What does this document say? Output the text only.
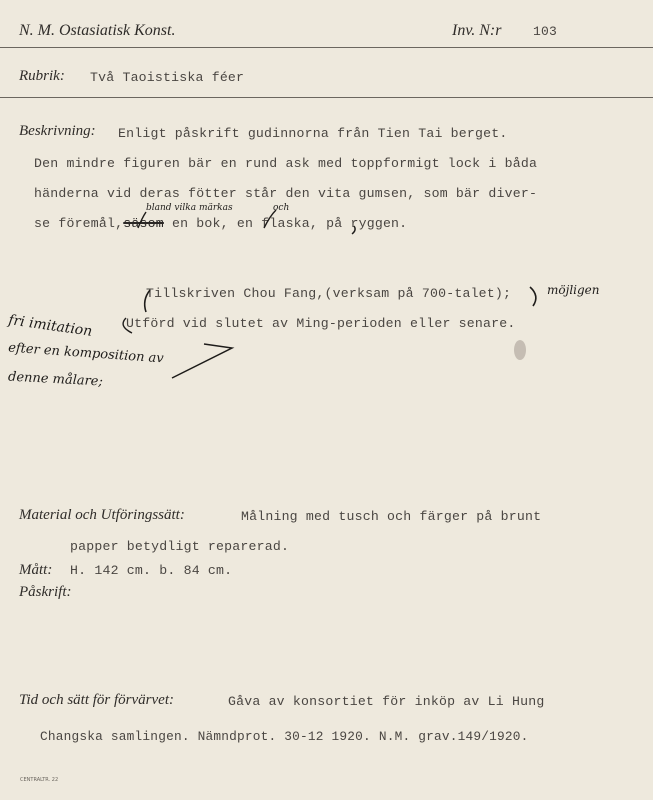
N. M. Ostasiatisk Konst.	Inv. N:r 103
Rubrik: Två Taoistiska féer
Beskrivning: Enligt påskrift gudinnorna från Tien Tai berget.
Den mindre figuren bär en rund ask med toppformigt lock i båda
händerna vid deras fötter står den vita gumsen, som bär diver-
se föremål,säsom en bok, en flaska, på ryggen.
bland vilka märkas	och
Tillskriven Chou Fang,(verksam på 700-talet);	möjligen
Utförd vid slutet av Ming-perioden eller senare.
fri imitation
efter en komposition av
denne målare;
Material och Utföringssätt:	Målning med tusch och färger på brunt
papper betydligt reparerad.
Mått: H. 142 cm. b. 84 cm.
Påskrift:
Tid och sätt för förvärvet:	Gåva av konsortiet för inköp av Li Hung
Changska samlingen. Nämndprot. 30-12 1920. N.M. grav.149/1920.
CENTRALTR. 22
